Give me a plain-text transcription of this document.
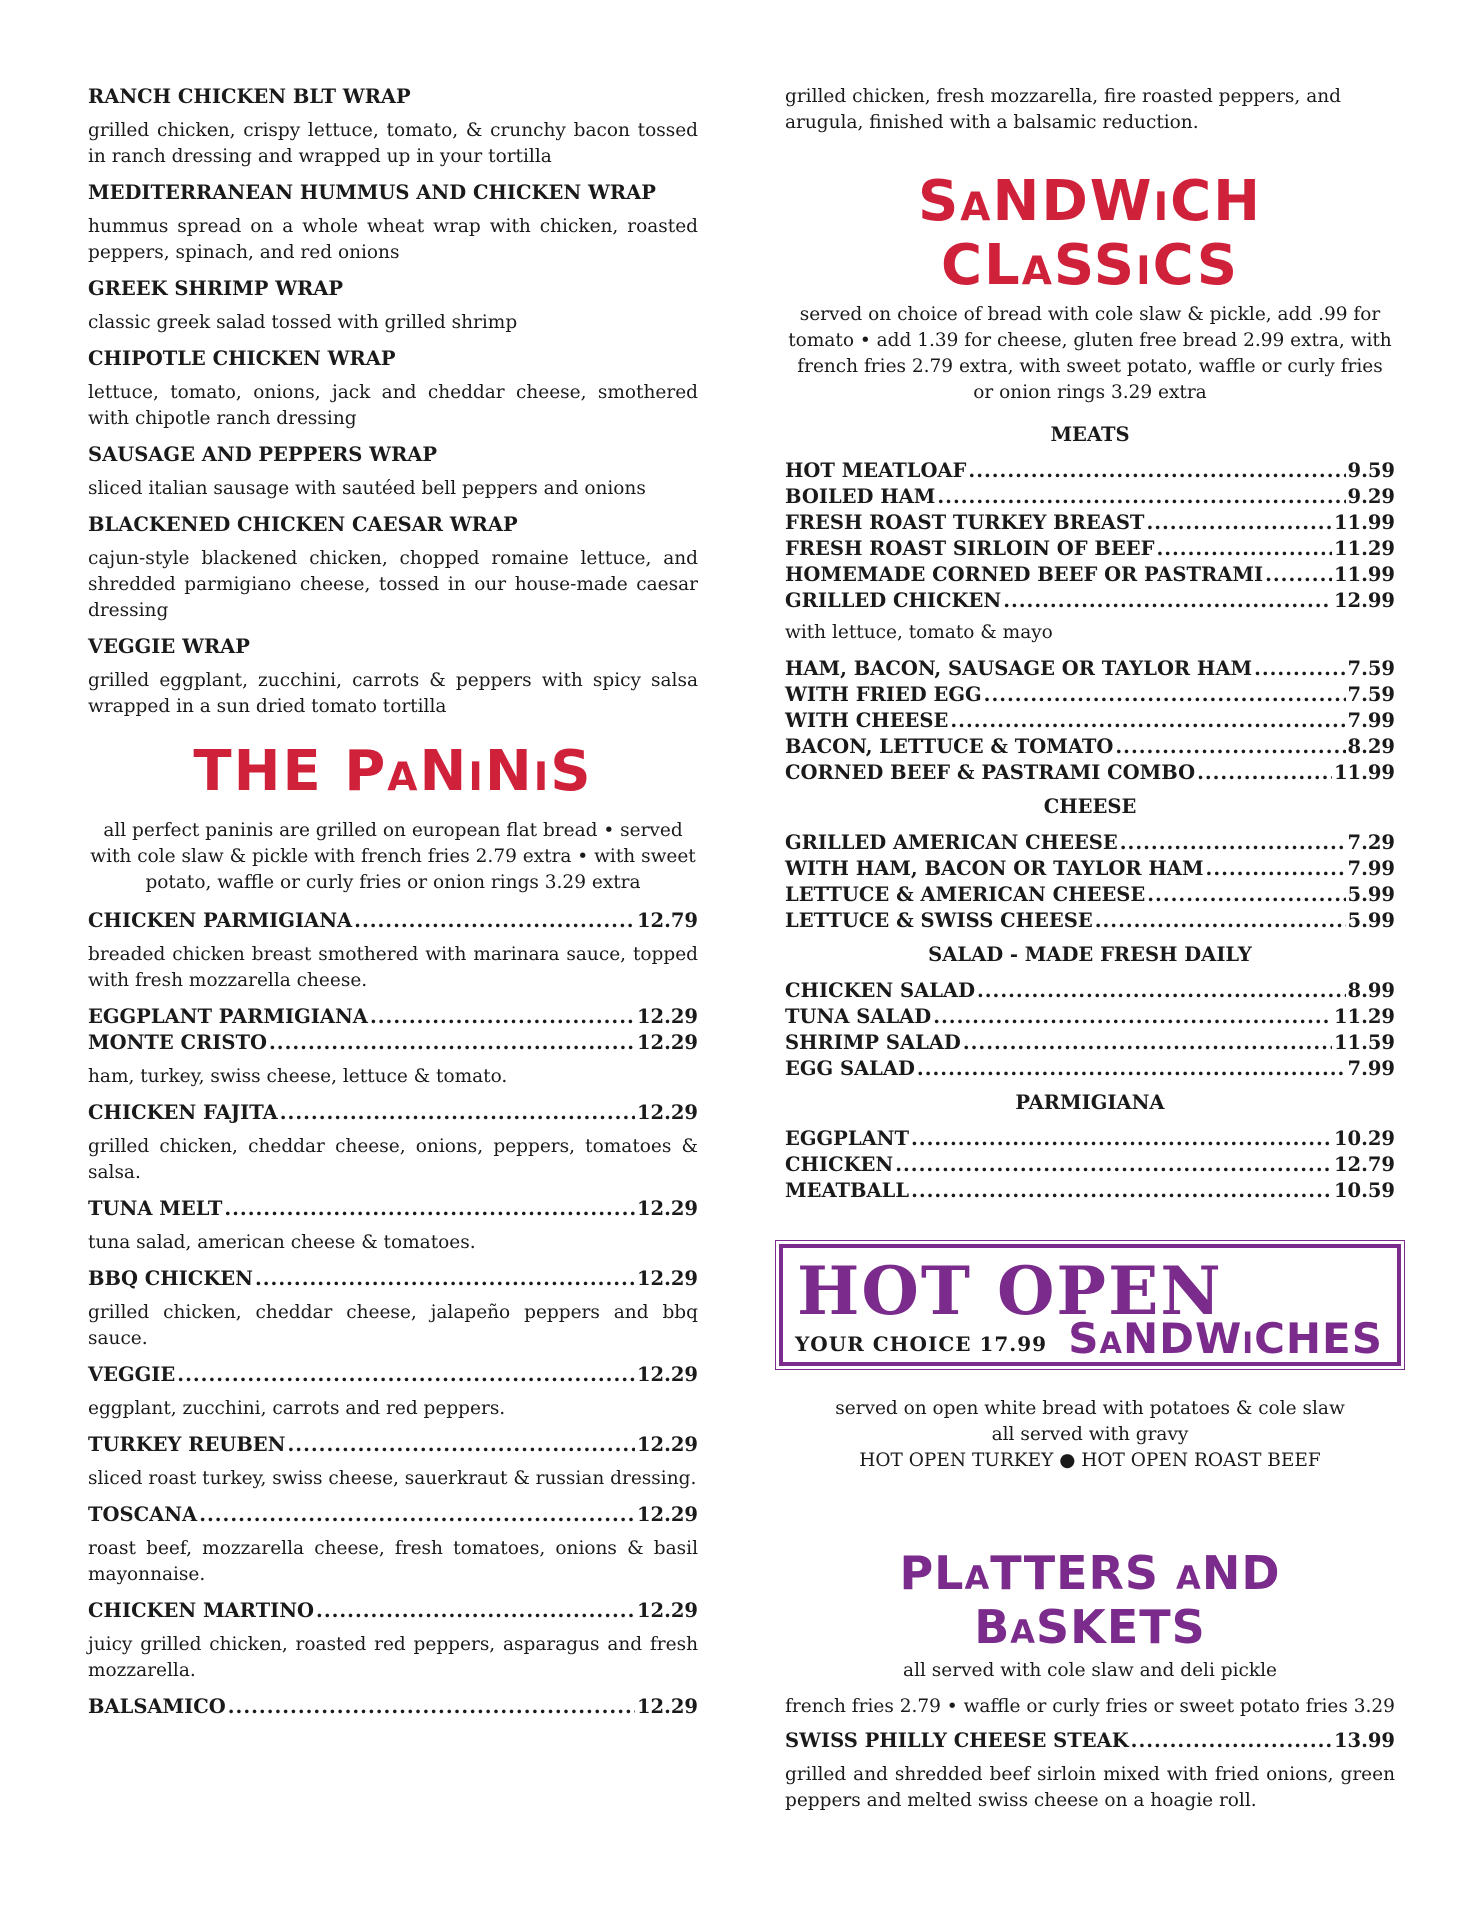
RANCH CHICKEN BLT WRAP

grilled chicken, crispy lettuce, tomato, & crunchy bacon tossed in ranch dressing and wrapped up in your tortilla

MEDITERRANEAN HUMMUS AND CHICKEN WRAP

hummus spread on a whole wheat wrap with chicken, roasted peppers, spinach, and red onions

GREEK SHRIMP WRAP

classic greek salad tossed with grilled shrimp

CHIPOTLE CHICKEN WRAP

lettuce, tomato, onions, jack and cheddar cheese, smothered with chipotle ranch dressing

SAUSAGE AND PEPPERS WRAP

sliced italian sausage with sautéed bell peppers and onions

BLACKENED CHICKEN CAESAR WRAP

cajun-style blackened chicken, chopped romaine lettuce, and shredded parmigiano cheese, tossed in our house-made caesar dressing

VEGGIE WRAP

grilled eggplant, zucchini, carrots & peppers with spicy salsa wrapped in a sun dried tomato tortilla

THE PaNiNiS

all perfect paninis are grilled on european flat bread • served with cole slaw & pickle with french fries 2.79 extra • with sweet potato, waffle or curly fries or onion rings 3.29 extra

CHICKEN PARMIGIANA .....	12.79

breaded chicken breast smothered with marinara sauce, topped with fresh mozzarella cheese.

EGGPLANT PARMIGIANA .....	12.29
MONTE CRISTO .....	12.29

ham, turkey, swiss cheese, lettuce & tomato.

CHICKEN FAJITA .....	12.29

grilled chicken, cheddar cheese, onions, peppers, tomatoes & salsa.

TUNA MELT .....	12.29

tuna salad, american cheese & tomatoes.

BBQ CHICKEN .....	12.29

grilled chicken, cheddar cheese, jalapeño peppers and bbq sauce.

VEGGIE .....	12.29

eggplant, zucchini, carrots and red peppers.

TURKEY REUBEN .....	12.29

sliced roast turkey, swiss cheese, sauerkraut & russian dressing.

TOSCANA .....	12.29

roast beef, mozzarella cheese, fresh tomatoes, onions & basil mayonnaise.

CHICKEN MARTINO .....	12.29

juicy grilled chicken, roasted red peppers, asparagus and fresh mozzarella.

BALSAMICO .....	12.29

grilled chicken, fresh mozzarella, fire roasted peppers, and arugula, finished with a balsamic reduction.

SaNDWiCH CLaSSiCS

served on choice of bread with cole slaw & pickle, add .99 for tomato • add 1.39 for cheese, gluten free bread 2.99 extra, with french fries 2.79 extra, with sweet potato, waffle or curly fries or onion rings 3.29 extra

MEATS
HOT MEATLOAF .....	9.59
BOILED HAM .....	9.29
FRESH ROAST TURKEY BREAST .....	11.99
FRESH ROAST SIRLOIN OF BEEF .....	11.29
HOMEMADE CORNED BEEF OR PASTRAMI .....	11.99
GRILLED CHICKEN .....	12.99

with lettuce, tomato & mayo

HAM, BACON, SAUSAGE OR TAYLOR HAM .....	7.59
WITH FRIED EGG .....	7.59
WITH CHEESE .....	7.99
BACON, LETTUCE & TOMATO .....	8.29
CORNED BEEF & PASTRAMI COMBO .....	11.99
CHEESE
GRILLED AMERICAN CHEESE .....	7.29
WITH HAM, BACON OR TAYLOR HAM .....	7.99
LETTUCE & AMERICAN CHEESE .....	5.99
LETTUCE & SWISS CHEESE .....	5.99
SALAD - MADE FRESH DAILY
CHICKEN SALAD .....	8.99
TUNA SALAD .....	11.29
SHRIMP SALAD .....	11.59
EGG SALAD .....	7.99
PARMIGIANA
EGGPLANT .....	10.29
CHICKEN .....	12.79
MEATBALL .....	10.59
HOT OPEN
YOUR CHOICE 17.99 SaNDWiCHES
served on open white bread with potatoes & cole slaw
all served with gravy
HOT OPEN TURKEY ● HOT OPEN ROAST BEEF
PLaTTERS aND BaSKETS

all served with cole slaw and deli pickle

french fries 2.79 • waffle or curly fries or sweet potato fries 3.29

SWISS PHILLY CHEESE STEAK .....	13.99

grilled and shredded beef sirloin mixed with fried onions, green peppers and melted swiss cheese on a hoagie roll.
